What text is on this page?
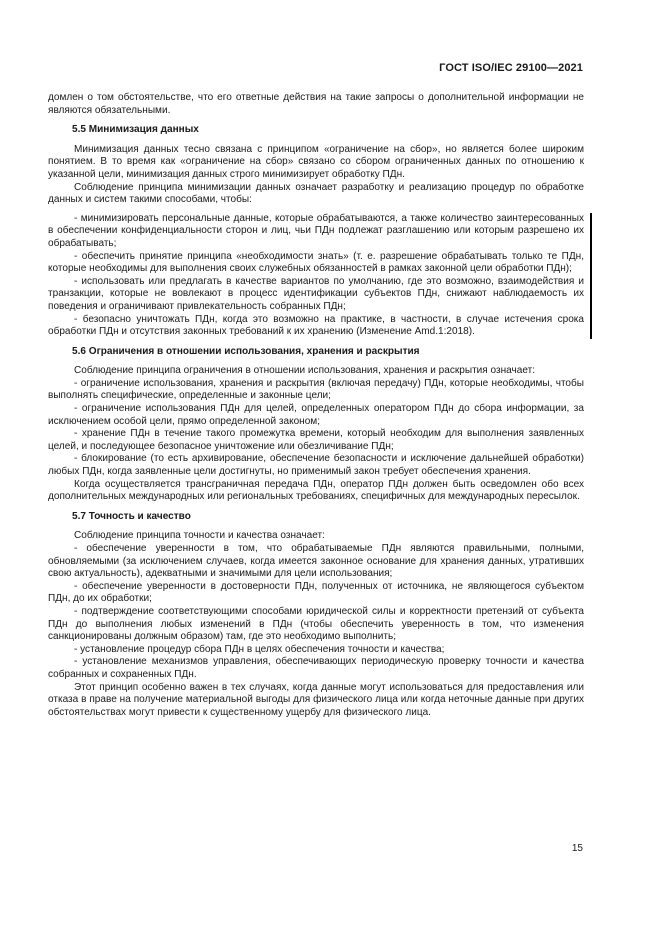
ГОСТ ISO/IEC 29100—2021

домлен о том обстоятельстве, что его ответные действия на такие запросы о дополнительной информации не являются обязательными.

5.5 Минимизация данных

Минимизация данных тесно связана с принципом «ограничение на сбор», но является более широким понятием. В то время как «ограничение на сбор» связано со сбором ограниченных данных по отношению к указанной цели, минимизация данных строго минимизирует обработку ПДн.

Соблюдение принципа минимизации данных означает разработку и реализацию процедур по обработке данных и систем такими способами, чтобы:

- минимизировать персональные данные, которые обрабатываются, а также количество заинтересованных в обеспечении конфиденциальности сторон и лиц, чьи ПДн подлежат разглашению или которым разрешено их обрабатывать;

- обеспечить принятие принципа «необходимости знать» (т. е. разрешение обрабатывать только те ПДн, которые необходимы для выполнения своих служебных обязанностей в рамках законной цели обработки ПДн);

- использовать или предлагать в качестве вариантов по умолчанию, где это возможно, взаимодействия и транзакции, которые не вовлекают в процесс идентификации субъектов ПДн, снижают наблюдаемость их поведения и ограничивают привлекательность собранных ПДн;

- безопасно уничтожать ПДн, когда это возможно на практике, в частности, в случае истечения срока обработки ПДн и отсутствия законных требований к их хранению (Изменение Amd.1:2018).

5.6 Ограничения в отношении использования, хранения и раскрытия

Соблюдение принципа ограничения в отношении использования, хранения и раскрытия означает:

- ограничение использования, хранения и раскрытия (включая передачу) ПДн, которые необходимы, чтобы выполнять специфические, определенные и законные цели;

- ограничение использования ПДн для целей, определенных оператором ПДн до сбора информации, за исключением особой цели, прямо определенной законом;

- хранение ПДн в течение такого промежутка времени, который необходим для выполнения заявленных целей, и последующее безопасное уничтожение или обезличивание ПДн;

- блокирование (то есть архивирование, обеспечение безопасности и исключение дальнейшей обработки) любых ПДн, когда заявленные цели достигнуты, но применимый закон требует обеспечения хранения.

Когда осуществляется трансграничная передача ПДн, оператор ПДн должен быть осведомлен обо всех дополнительных международных или региональных требованиях, специфичных для международных пересылок.

5.7 Точность и качество

Соблюдение принципа точности и качества означает:

- обеспечение уверенности в том, что обрабатываемые ПДн являются правильными, полными, обновляемыми (за исключением случаев, когда имеется законное основание для хранения данных, утративших свою актуальность), адекватными и значимыми для цели использования;

- обеспечение уверенности в достоверности ПДн, полученных от источника, не являющегося субъектом ПДн, до их обработки;

- подтверждение соответствующими способами юридической силы и корректности претензий от субъекта ПДн до выполнения любых изменений в ПДн (чтобы обеспечить уверенность в том, что изменения санкционированы должным образом) там, где это необходимо выполнить;

- установление процедур сбора ПДн в целях обеспечения точности и качества;

- установление механизмов управления, обеспечивающих периодическую проверку точности и качества собранных и сохраненных ПДн.

Этот принцип особенно важен в тех случаях, когда данные могут использоваться для предоставления или отказа в праве на получение материальной выгоды для физического лица или когда неточные данные при других обстоятельствах могут привести к существенному ущербу для физического лица.

15
